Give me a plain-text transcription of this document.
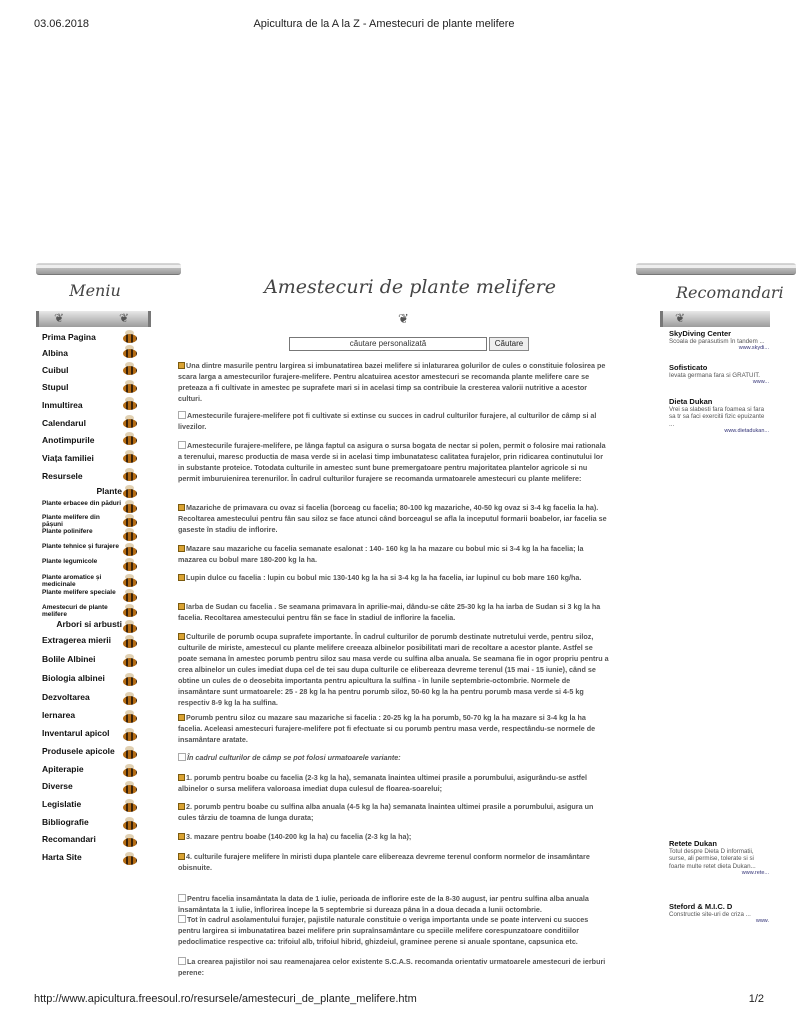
03.06.2018	Apicultura de la A la Z - Amestecuri de plante melifere
Meniu
❦	❦
Prima Pagina
Albina
Cuibul
Stupul
Inmultirea
Calendarul
Anotimpurile
Viața familiei
Resursele
Plante
Plante erbacee din păduri
Plante melifere din pășuni
Plante poliniferе
Plante tehnice și furajere
Plante legumicole
Plante aromatice și medicinale
Plante melifere speciale
Amestecuri de plante melifere
Arbori si arbusti
Extragerea mierii
Bolile Albinei
Biologia albinei
Dezvoltarea
Iernarea
Inventarul apicol
Produsele apicole
Apiterapie
Diverse
Legislatie
Bibliografie
Recomandari
Harta Site
Amestecuri de plante melifere
❦
căutare personalizată	Căutare
Una dintre masurile pentru largirea si imbunatatirea bazei melifere si inlaturarea golurilor de cules o constituie folosirea pe scara larga a amestecurilor furajere-melifere. Pentru alcatuirea acestor amestecuri se recomanda plante melifere care se preteaza a fi cultivate in amestec pe suprafete mari si in acelasi timp sa contribuie la cresterea valorii nutritive a acestor culturi.
Amestecurile furajere-melifere pot fi cultivate si extinse cu succes in cadrul culturilor furajere, al culturilor de câmp si al livezilor.
Amestecurile furajere-melifere, pe lânga faptul ca asigura o sursa bogata de nectar si polen, permit o folosire mai rationala a terenului, maresc productia de masa verde si in acelasi timp imbunatatesc calitatea furajelor, prin ridicarea continutului lor in substante proteice. Totodata culturile in amestec sunt bune premergatoare pentru majoritatea plantelor agricole si nu permit imburuienirea terenurilor. În cadrul culturilor furajere se recomanda urmatoarele amestecuri cu plante melifere:
Mazariche de primavara cu ovaz si facelia (borceag cu facelia; 80-100 kg mazariche, 40-50 kg ovaz si 3-4 kg facelia la ha). Recoltarea amestecului pentru fân sau siloz se face atunci când borceagul se afla la inceputul formarii boabelor, iar facelia se gaseste în stadiu de inflorire.
Mazare sau mazariche cu facelia semanate esalonat : 140- 160 kg la ha mazare cu bobul mic si 3-4 kg la ha facelia; la mazarea cu bobul mare 180-200 kg la ha.
Lupin dulce cu facelia : lupin cu bobul mic 130-140 kg la ha si 3-4 kg la ha facelia, iar lupinul cu bob mare 160 kg/ha.
Iarba de Sudan cu facelia . Se seamana primavara în aprilie-mai, dându-se câte 25-30 kg la ha iarba de Sudan si 3 kg la ha facelia. Recoltarea amestecului pentru fân se face în stadiul de inflorire la facelia.
Culturile de porumb ocupa suprafete importante. În cadrul culturilor de porumb destinate nutretului verde, pentru siloz, culturile de miriste, amestecul cu plante melifere creeaza albinelor posibilitati mari de recoltare a acestor plante. Astfel se poate semana în amestec porumb pentru siloz sau masa verde cu sulfina alba anuala. Se seamana fie in ogor propriu pentru a crea albinelor un cules imediat dupa cel de tei sau dupa culturile ce elibereaza devreme terenul (15 mai - 15 iunie), când se obtine un cules de o deosebita importanta pentru apicultura la sulfina - în lunile septembrie-octombrie. Normele de insamântare sunt urmatoarele: 25 - 28 kg la ha pentru porumb siloz, 50-60 kg la ha pentru porumb masa verde si 4-5 kg respectiv 8-9 kg la ha sulfina.
Porumb pentru siloz cu mazare sau mazariche si facelia : 20-25 kg la ha porumb, 50-70 kg la ha mazare si 3-4 kg la ha facelia. Aceleasi amestecuri furajere-melifere pot fi efectuate si cu porumb pentru masa verde, respectându-se normele de insamântare aratate.
În cadrul culturilor de câmp se pot folosi urmatoarele variante:
1. porumb pentru boabe cu facelia (2-3 kg la ha), semanata înaintea ultimei prasile a porumbului, asigurându-se astfel albinelor o sursa melifera valoroasa imediat dupa culesul de floarea-soarelui;
2. porumb pentru boabe cu sulfina alba anuala (4-5 kg la ha) semanata înaintea ultimei prasile a porumbului, asigura un cules târziu de toamna de lunga durata;
3. mazare pentru boabe (140-200 kg la ha) cu facelia (2-3 kg la ha);
4. culturile furajere melifere în miristi dupa plantele care elibereaza devreme terenul conform normelor de insamântare obisnuite.
Pentru facelia insamântata la data de 1 iulie, perioada de inflorire este de la 8-30 august, iar pentru sulfina alba anuala însamântata la 1 iulie, înflorirea începe la 5 septembrie si dureaza pâna în a doua decada a lunii octombrie.
Tot în cadrul asolamentului furajer, pajistile naturale constituie o veriga importanta unde se poate interveni cu succes pentru largirea si imbunatatirea bazei melifere prin supraînsamântare cu speciile melifere corespunzatoare conditiilor pedoclimatice respective ca: trifoiul alb, trifoiul hibrid, ghizdeiul, graminee perene si anuale spontane, capsunica etc.
La crearea pajistilor noi sau reamenajarea celor existente S.C.A.S. recomanda orientativ urmatoarele amestecuri de ierburi perene:
Recomandari
❦
SkyDiving Center
Scoala de parasutism în tandem ...
www.skydi...
Sofisticato
Ievata germana fara si GRATUIT.
www...
Dieta Dukan
Vrei sa slabesti fara foamea si fara sa tr sa faci exercitii fizic epuizante ...
www.dietadukan...
Retete Dukan
Totul despre Dieta D informatii, surse, ali permise, tolerate si si foarte multe retet dieta Dukan...
www.rete...
Steford & M.I.C. D
Constructie site-uri de criza ...
www.
http://www.apicultura.freesoul.ro/resursele/amestecuri_de_plante_melifere.htm	1/2
